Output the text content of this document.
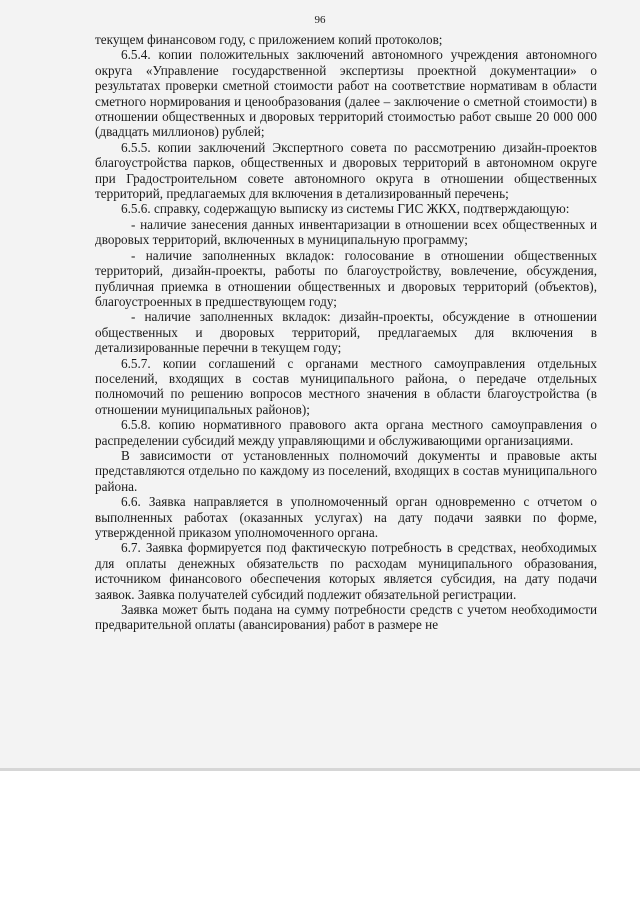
96

текущем финансовом году, с приложением копий протоколов;

6.5.4. копии положительных заключений автономного учреждения автономного округа «Управление государственной экспертизы проектной документации» о результатах проверки сметной стоимости работ на соответствие нормативам в области сметного нормирования и ценообразования (далее – заключение о сметной стоимости) в отношении общественных и дворовых территорий стоимостью работ свыше 20 000 000 (двадцать миллионов) рублей;

6.5.5. копии заключений Экспертного совета по рассмотрению дизайн-проектов благоустройства парков, общественных и дворовых территорий в автономном округе при Градостроительном совете автономного округа в отношении общественных территорий, предлагаемых для включения в детализированный перечень;

6.5.6. справку, содержащую выписку из системы ГИС ЖКХ, подтверждающую:

- наличие занесения данных инвентаризации в отношении всех общественных и дворовых территорий, включенных в муниципальную программу;

- наличие заполненных вкладок: голосование в отношении общественных территорий, дизайн-проекты, работы по благоустройству, вовлечение, обсуждения, публичная приемка в отношении общественных и дворовых территорий (объектов), благоустроенных в предшествующем году;

- наличие заполненных вкладок: дизайн-проекты, обсуждение в отношении общественных и дворовых территорий, предлагаемых для включения в детализированные перечни в текущем году;

6.5.7. копии соглашений с органами местного самоуправления отдельных поселений, входящих в состав муниципального района, о передаче отдельных полномочий по решению вопросов местного значения в области благоустройства (в отношении муниципальных районов);

6.5.8. копию нормативного правового акта органа местного самоуправления о распределении субсидий между управляющими и обслуживающими организациями.

В зависимости от установленных полномочий документы и правовые акты представляются отдельно по каждому из поселений, входящих в состав муниципального района.

6.6. Заявка направляется в уполномоченный орган одновременно с отчетом о выполненных работах (оказанных услугах) на дату подачи заявки по форме, утвержденной приказом уполномоченного органа.

6.7. Заявка формируется под фактическую потребность в средствах, необходимых для оплаты денежных обязательств по расходам муниципального образования, источником финансового обеспечения которых является субсидия, на дату подачи заявок. Заявка получателей субсидий подлежит обязательной регистрации.

Заявка может быть подана на сумму потребности средств с учетом необходимости предварительной оплаты (авансирования) работ в размере не
